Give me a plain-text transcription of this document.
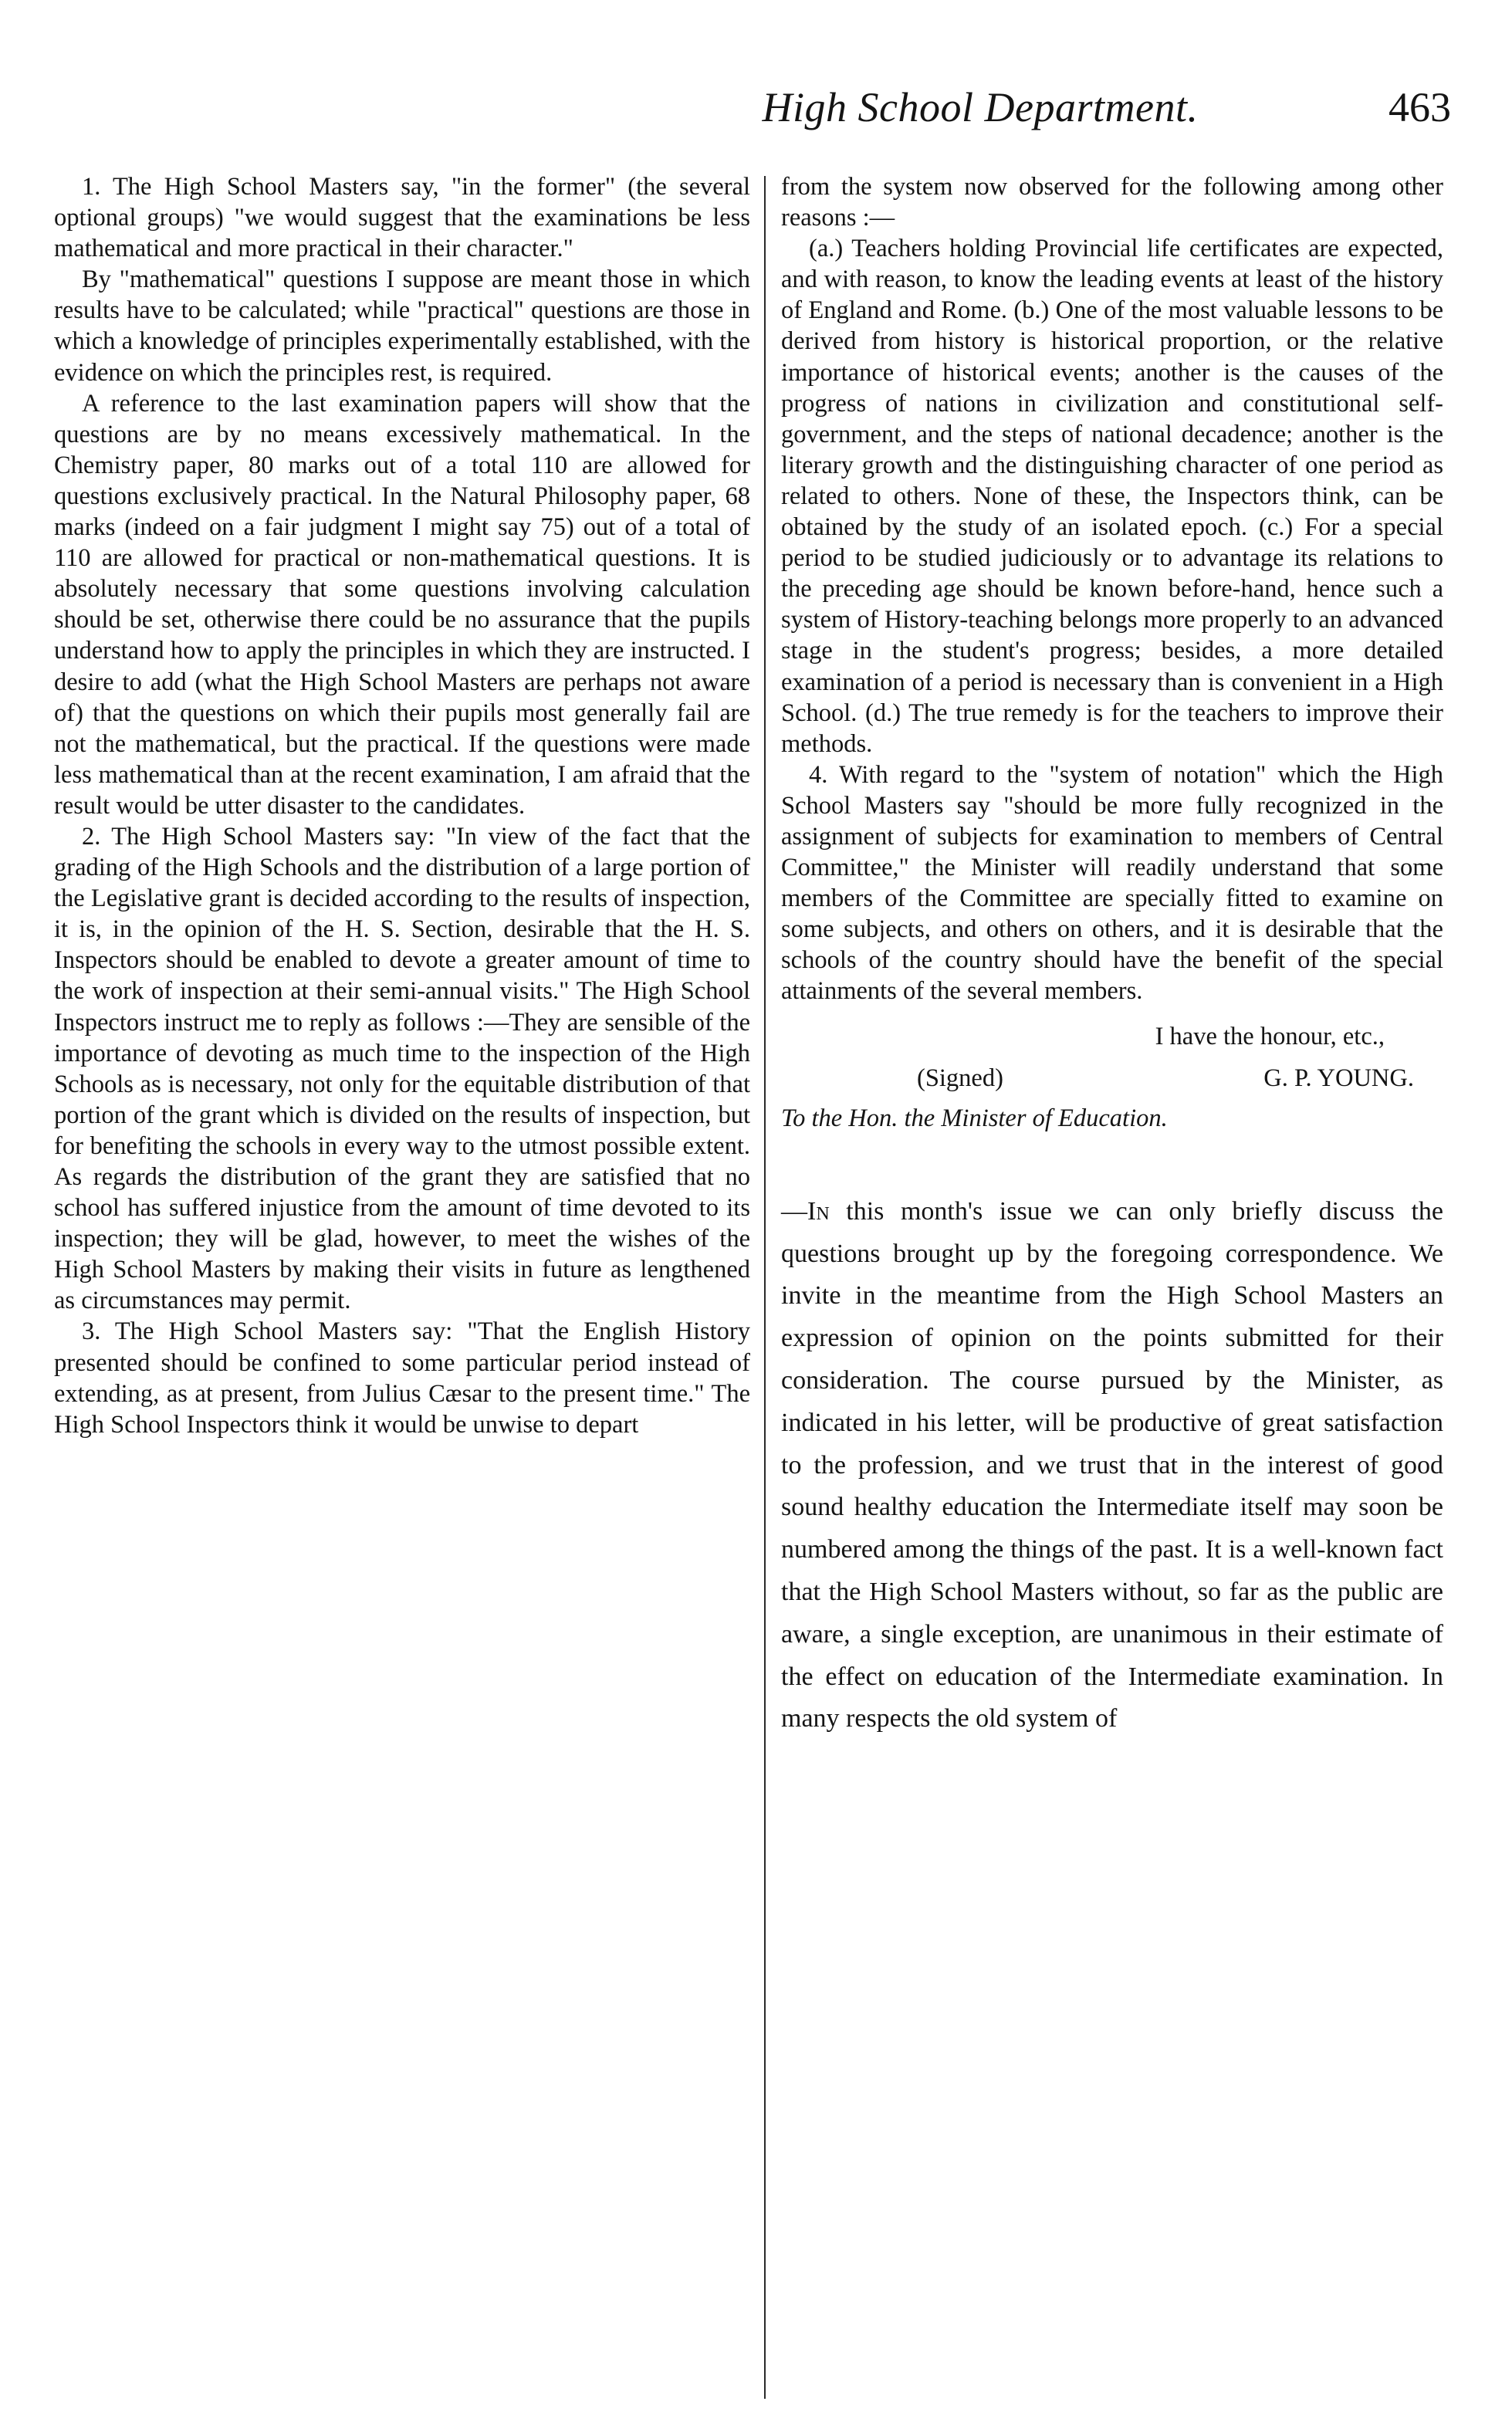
High School Department.	463

1. The High School Masters say, "in the former" (the several optional groups) "we would suggest that the examinations be less mathematical and more practical in their character."

By "mathematical" questions I suppose are meant those in which results have to be calculated; while "practical" questions are those in which a knowledge of principles experimentally established, with the evidence on which the principles rest, is required.

A reference to the last examination papers will show that the questions are by no means excessively mathematical. In the Chemistry paper, 80 marks out of a total 110 are allowed for questions exclusively practical. In the Natural Philosophy paper, 68 marks (indeed on a fair judgment I might say 75) out of a total of 110 are allowed for practical or non-mathematical questions. It is absolutely necessary that some questions involving calculation should be set, otherwise there could be no assurance that the pupils understand how to apply the principles in which they are instructed. I desire to add (what the High School Masters are perhaps not aware of) that the questions on which their pupils most generally fail are not the mathematical, but the practical. If the questions were made less mathematical than at the recent examination, I am afraid that the result would be utter disaster to the candidates.

2. The High School Masters say: "In view of the fact that the grading of the High Schools and the distribution of a large portion of the Legislative grant is decided according to the results of inspection, it is, in the opinion of the H. S. Section, desirable that the H. S. Inspectors should be enabled to devote a greater amount of time to the work of inspection at their semi-annual visits." The High School Inspectors instruct me to reply as follows :—They are sensible of the importance of devoting as much time to the inspection of the High Schools as is necessary, not only for the equitable distribution of that portion of the grant which is divided on the results of inspection, but for benefiting the schools in every way to the utmost possible extent. As regards the distribution of the grant they are satisfied that no school has suffered injustice from the amount of time devoted to its inspection; they will be glad, however, to meet the wishes of the High School Masters by making their visits in future as lengthened as circumstances may permit.

3. The High School Masters say: "That the English History presented should be confined to some particular period instead of extending, as at present, from Julius Cæsar to the present time." The High School Inspectors think it would be unwise to depart

from the system now observed for the following among other reasons :—

(a.) Teachers holding Provincial life certificates are expected, and with reason, to know the leading events at least of the history of England and Rome. (b.) One of the most valuable lessons to be derived from history is historical proportion, or the relative importance of historical events; another is the causes of the progress of nations in civilization and constitutional self-government, and the steps of national decadence; another is the literary growth and the distinguishing character of one period as related to others. None of these, the Inspectors think, can be obtained by the study of an isolated epoch. (c.) For a special period to be studied judiciously or to advantage its relations to the preceding age should be known before-hand, hence such a system of History-teaching belongs more properly to an advanced stage in the student's progress; besides, a more detailed examination of a period is necessary than is convenient in a High School. (d.) The true remedy is for the teachers to improve their methods.

4. With regard to the "system of notation" which the High School Masters say "should be more fully recognized in the assignment of subjects for examination to members of Central Committee," the Minister will readily understand that some members of the Committee are specially fitted to examine on some subjects, and others on others, and it is desirable that the schools of the country should have the benefit of the special attainments of the several members.

I have the honour, etc.,
(Signed)	G. P. YOUNG.
To the Hon. the Minister of Education.

—In this month's issue we can only briefly discuss the questions brought up by the foregoing correspondence. We invite in the meantime from the High School Masters an expression of opinion on the points submitted for their consideration. The course pursued by the Minister, as indicated in his letter, will be productive of great satisfaction to the profession, and we trust that in the interest of good sound healthy education the Intermediate itself may soon be numbered among the things of the past. It is a well-known fact that the High School Masters without, so far as the public are aware, a single exception, are unanimous in their estimate of the effect on education of the Intermediate examination. In many respects the old system of
